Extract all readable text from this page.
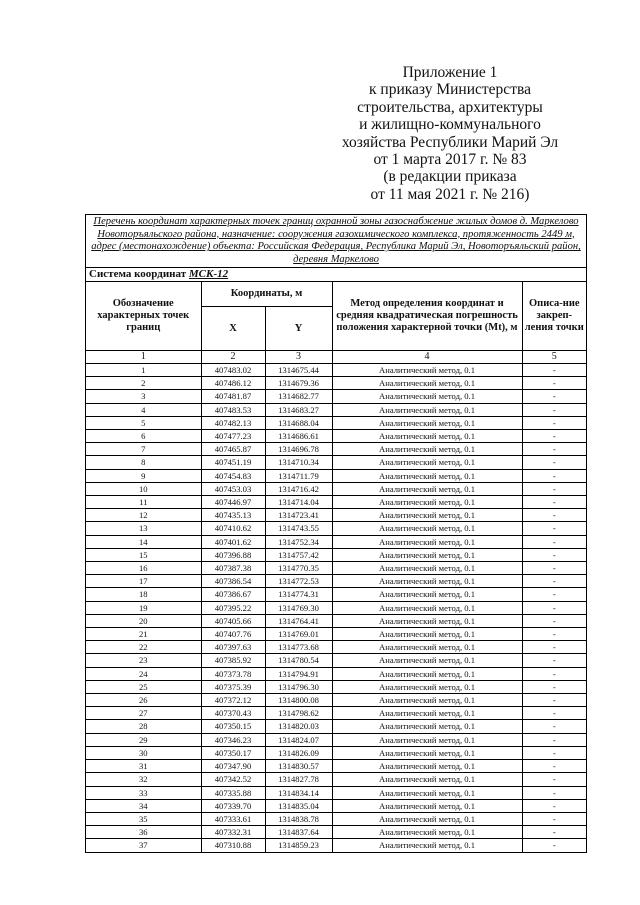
Приложение 1
к приказу Министерства
строительства, архитектуры
и жилищно-коммунального
хозяйства Республики Марий Эл
от 1 марта 2017 г. № 83
(в редакции приказа
от 11 мая 2021 г. № 216)
Перечень координат характерных точек границ охранной зоны газоснабжение жилых домов д. Маркелово Новоторъяльского района, назначение: сооружения газохимического комплекса, протяженность 2449 м, адрес (местонахождение) объекта: Российская Федерация, Республика Марий Эл, Новоторъяльский район, деревня Маркелово
Система координат МСК-12
Обозначение характерных точек границ	Координаты, м		Метод определения координат и средняя квадратическая погрешность положения характерной точки (Mt), м	Описа-ние закреп-ления точки
	X	Y		
1	2	3	4	5
1	407483.02	1314675.44	Аналитический метод, 0.1	-
2	407486.12	1314679.36	Аналитический метод, 0.1	-
3	407481.87	1314682.77	Аналитический метод, 0.1	-
4	407483.53	1314683.27	Аналитический метод, 0.1	-
5	407482.13	1314688.04	Аналитический метод, 0.1	-
6	407477.23	1314686.61	Аналитический метод, 0.1	-
7	407465.87	1314696.78	Аналитический метод, 0.1	-
8	407451.19	1314710.34	Аналитический метод, 0.1	-
9	407454.83	1314711.79	Аналитический метод, 0.1	-
10	407453.03	1314716.42	Аналитический метод, 0.1	-
11	407446.97	1314714.04	Аналитический метод, 0.1	-
12	407435.13	1314723.41	Аналитический метод, 0.1	-
13	407410.62	1314743.55	Аналитический метод, 0.1	-
14	407401.62	1314752.34	Аналитический метод, 0.1	-
15	407396.88	1314757.42	Аналитический метод, 0.1	-
16	407387.38	1314770.35	Аналитический метод, 0.1	-
17	407386.54	1314772.53	Аналитический метод, 0.1	-
18	407386.67	1314774.31	Аналитический метод, 0.1	-
19	407395.22	1314769.30	Аналитический метод, 0.1	-
20	407405.66	1314764.41	Аналитический метод, 0.1	-
21	407407.76	1314769.01	Аналитический метод, 0.1	-
22	407397.63	1314773.68	Аналитический метод, 0.1	-
23	407385.92	1314780.54	Аналитический метод, 0.1	-
24	407373.78	1314794.91	Аналитический метод, 0.1	-
25	407375.39	1314796.30	Аналитический метод, 0.1	-
26	407372.12	1314800.08	Аналитический метод, 0.1	-
27	407370.43	1314798.62	Аналитический метод, 0.1	-
28	407350.15	1314820.03	Аналитический метод, 0.1	-
29	407346.23	1314824.07	Аналитический метод, 0.1	-
30	407350.17	1314826.09	Аналитический метод, 0.1	-
31	407347.90	1314830.57	Аналитический метод, 0.1	-
32	407342.52	1314827.78	Аналитический метод, 0.1	-
33	407335.88	1314834.14	Аналитический метод, 0.1	-
34	407339.70	1314835.04	Аналитический метод, 0.1	-
35	407333.61	1314838.78	Аналитический метод, 0.1	-
36	407332.31	1314837.64	Аналитический метод, 0.1	-
37	407310.88	1314859.23	Аналитический метод, 0.1	-
